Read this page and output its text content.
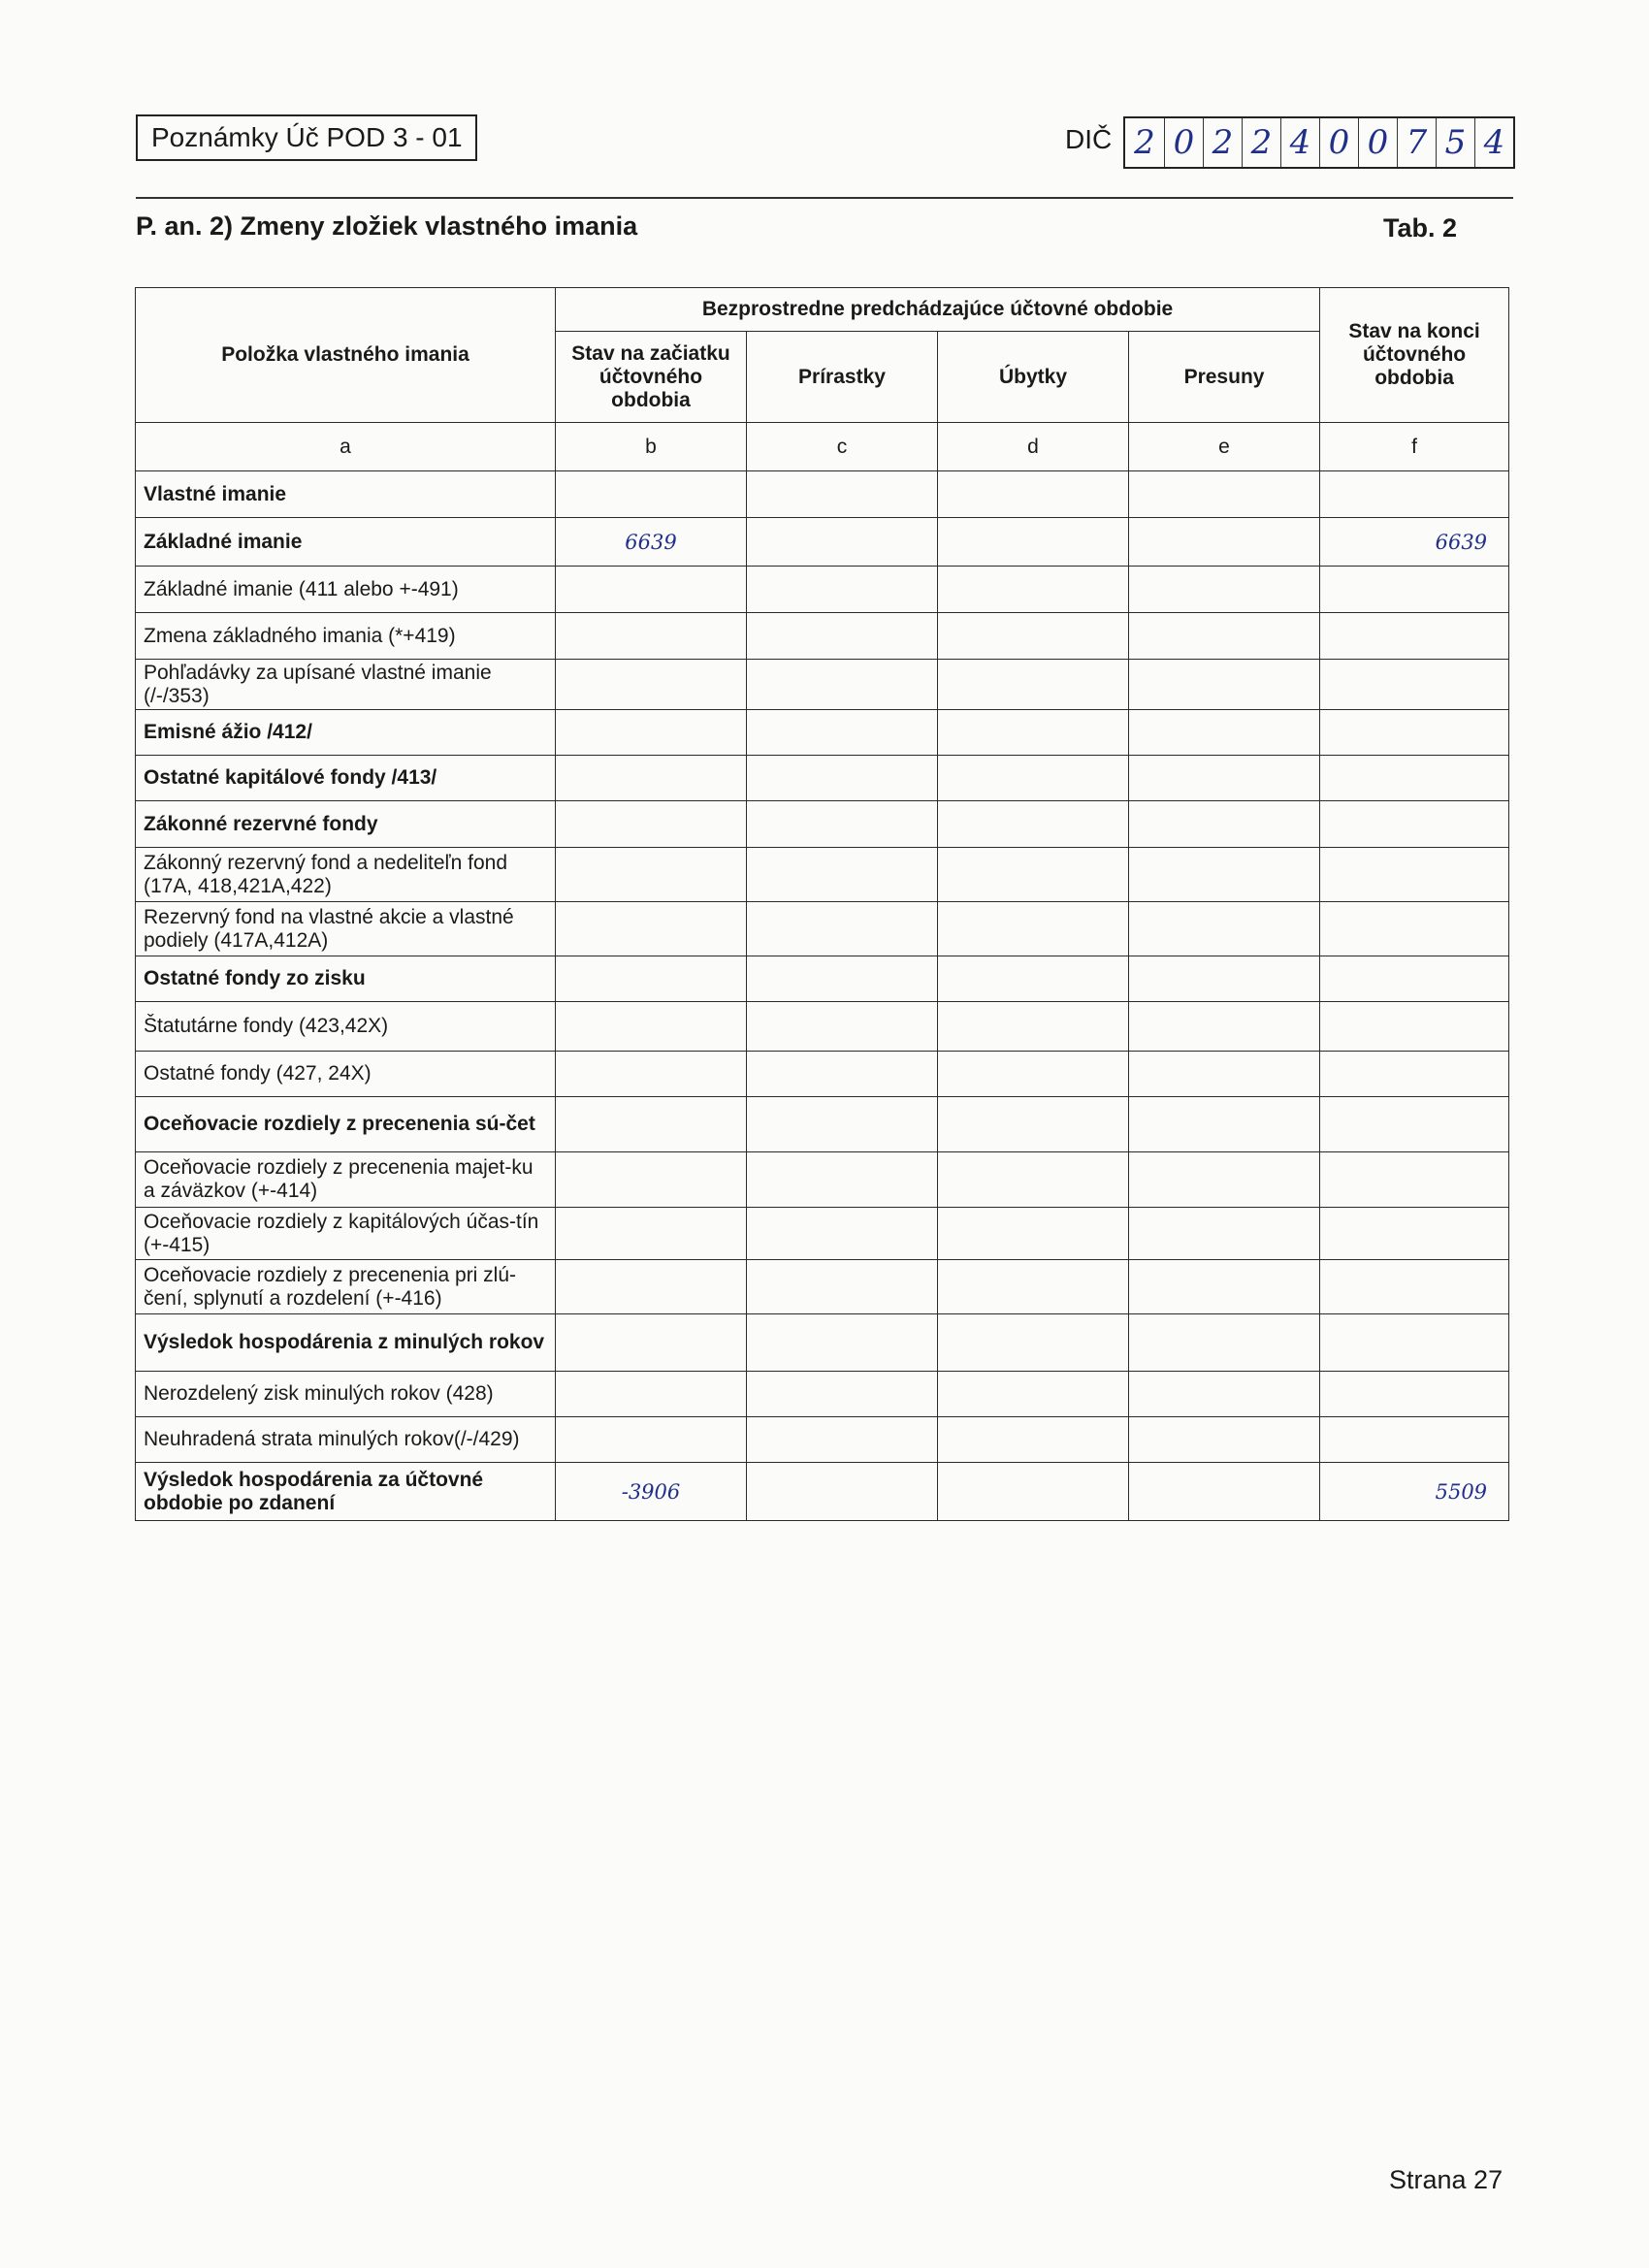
Poznámky Úč POD 3 - 01	DIČ 2 0 2 2 4 0 0 7 5 4
P. an. 2) Zmeny zložiek vlastného imania	Tab. 2
Položka vlastného imania	Bezprostredne predchádzajúce účtovné obdobie				Stav na konci účtovného obdobia
	Stav na začiatku účtovného obdobia	Prírastky	Úbytky	Presuny	
a	b	c	d	e	f
Vlastné imanie					
Základné imanie	6639				6639
Základné imanie (411 alebo +-491)					
Zmena základného imania (*+419)					
Pohľadávky za upísané vlastné imanie (/-/353)					
Emisné ážio /412/					
Ostatné kapitálové fondy /413/					
Zákonné rezervné fondy					
Zákonný rezervný fond a nedeliteľn fond (17A, 418,421A,422)					
Rezervný fond na vlastné akcie a vlastné podiely (417A,412A)					
Ostatné fondy zo zisku					
Štatutárne fondy (423,42X)					
Ostatné fondy (427, 24X)					
Oceňovacie rozdiely z precenenia sú-čet					
Oceňovacie rozdiely z precenenia majet-ku a záväzkov (+-414)					
Oceňovacie rozdiely z kapitálových účas-tín (+-415)					
Oceňovacie rozdiely z precenenia pri zlú-čení, splynutí a rozdelení (+-416)					
Výsledok hospodárenia z minulých rokov					
Nerozdelený zisk minulých rokov (428)					
Neuhradená strata minulých rokov(/-/429)					
Výsledok hospodárenia za účtovné obdobie po zdanení	-3906				5509
Strana 27
